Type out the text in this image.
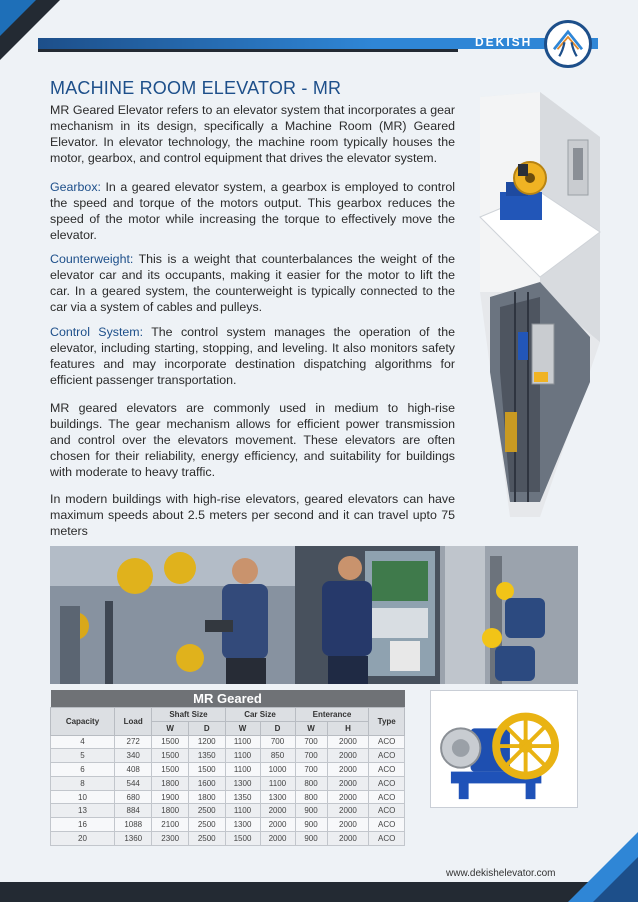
DEKISH
MACHINE ROOM ELEVATOR - MR

MR Geared Elevator refers to an elevator system that incorporates a gear mechanism in its design, specifically a Machine Room (MR) Geared Elevator. In elevator technology, the machine room typically houses the motor, gearbox, and control equipment that drives the elevator system.

Gearbox: In a geared elevator system, a gearbox is employed to control the speed and torque of the motors output. This gearbox reduces the speed of the motor while increasing the torque to effectively move the elevator.

Counterweight: This is a weight that counterbalances the weight of the elevator car and its occupants, making it easier for the motor to lift the car. In a geared system, the counterweight is typically connected to the car via a system of cables and pulleys.

Control System: The control system manages the operation of the elevator, including starting, stopping, and leveling. It also monitors safety features and may incorporate destination dispatching algorithms for efficient passenger transportation.

MR geared elevators are commonly used in medium to high-rise buildings. The gear mechanism allows for efficient power transmission and control over the elevators movement. These elevators are often chosen for their reliability, energy efficiency, and suitability for buildings with moderate to heavy traffic.

In modern buildings with high-rise elevators, geared elevators can have maximum speeds about 2.5 meters per second and it can travel upto 75 meters

MR Geared								
Capacity	Load	Shaft Size		Car Size		Enterance		Type
		W	D	W	D	W	H	
4	272	1500	1200	1100	700	700	2000	ACO
5	340	1500	1350	1100	850	700	2000	ACO
6	408	1500	1500	1100	1000	700	2000	ACO
8	544	1800	1600	1300	1100	800	2000	ACO
10	680	1900	1800	1350	1300	800	2000	ACO
13	884	1800	2500	1100	2000	900	2000	ACO
16	1088	2100	2500	1300	2000	900	2000	ACO
20	1360	2300	2500	1500	2000	900	2000	ACO
www.dekishelevator.com
